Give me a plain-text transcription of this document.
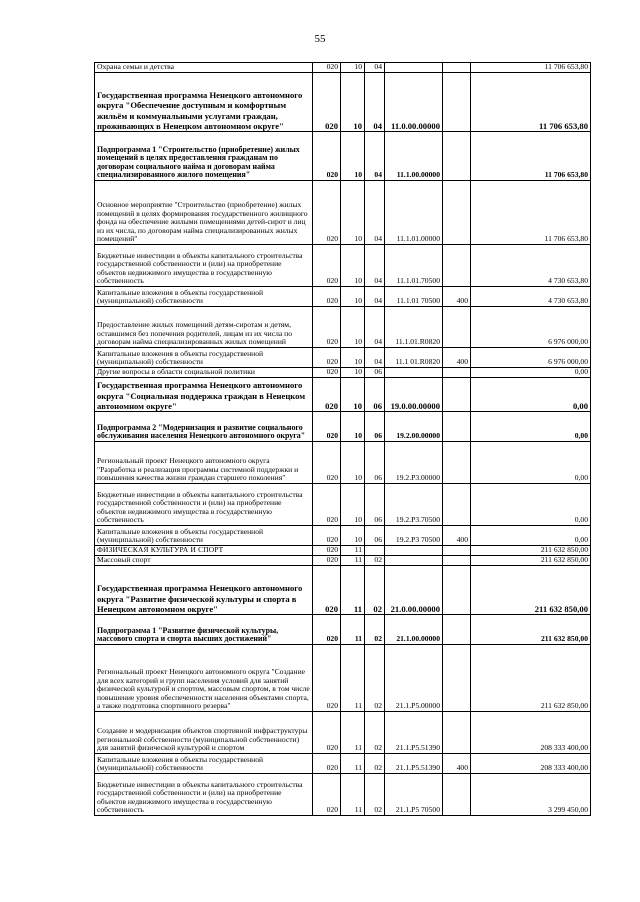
55
Охрана семьи и детства	020	10	04			11 706 653,80
Государственная программа Ненецкого автономного округа "Обеспечение доступным и комфортным жильём и коммунальными услугами граждан, проживающих в Ненецком автономном округе"	020	10	04	11.0.00.00000		11 706 653,80
Подпрограмма 1 "Строительство (приобретение) жилых помещений в целях предоставления гражданам по договорам социального найма и договорам найма специализированного жилого помещения"	020	10	04	11.1.00.00000		11 706 653,80
Основное мероприятие "Строительство (приобретение) жилых помещений в целях формирования государственного жилищного фонда на обеспечение жилыми помещениями детей-сирот и лиц из их числа, по договорам найма специализированных жилых помещений"	020	10	04	11.1.01.00000		11 706 653,80
Бюджетные инвестиции в объекты капитального строительства государственной собственности и (или) на приобретение объектов недвижимого имущества в государственную собственность	020	10	04	11.1.01.70500		4 730 653,80
Капитальные вложения в объекты государственной (муниципальной) собственности	020	10	04	11.1.01 70500	400	4 730 653,80
Предоставление жилых помещений детям-сиротам и детям, оставшимся без попечения родителей, лицам из их числа по договорам найма специализированных жилых помещений	020	10	04	11.1.01.R0820		6 976 000,00
Капитальные вложения в объекты государственной (муниципальной) собственности	020	10	04	11.1 01.R0820	400	6 976 000,00
Другие вопросы в области социальной политики	020	10	06			0,00
Государственная программа Ненецкого автономного округа "Социальная поддержка граждан в Ненецком автономном округе"	020	10	06	19.0.00.00000		0,00
Подпрограмма 2 "Модернизация и развитие социального обслуживания населения Ненецкого автономного округа"	020	10	06	19.2.00.00000		0,00
Региональный проект Ненецкого автономного округа "Разработка и реализация программы системной поддержки и повышения качества жизни граждан старшего поколения"	020	10	06	19.2.P3.00000		0,00
Бюджетные инвестиции в объекты капитального строительства государственной собственности и (или) на приобретение объектов недвижимого имущества в государственную собственность	020	10	06	19.2.P3.70500		0,00
Капитальные вложения в объекты государственной (муниципальной) собственности	020	10	06	19.2.P3 70500	400	0,00
ФИЗИЧЕСКАЯ КУЛЬТУРА И СПОРТ	020	11				211 632 850,00
Массовый спорт	020	11	02			211 632 850,00
Государственная программа Ненецкого автономного округа "Развитие физической культуры и спорта в Ненецком автономном округе"	020	11	02	21.0.00.00000		211 632 850,00
Подпрограмма 1 "Развитие физической культуры, массового спорта и спорта высших достижений"	020	11	02	21.1.00.00000		211 632 850,00
Региональный проект Ненецкого автономного округа "Создание для всех категорий и групп населения условий для занятий физической культурой и спортом, массовым спортом, в том числе повышение уровня обеспеченности населения объектами спорта, а также подготовка спортивного резерва"	020	11	02	21.1.P5.00000		211 632 850,00
Создание и модернизация объектов спортивной инфраструктуры региональной собственности (муниципальной собственности) для занятий физической культурой и спортом	020	11	02	21.1.P5.51390		208 333 400,00
Капитальные вложения в объекты государственной (муниципальной) собственности	020	11	02	21.1.P5.51390	400	208 333 400,00
Бюджетные инвестиции в объекты капитального строительства государственной собственности и (или) на приобретение объектов недвижимого имущества в государственную собственность	020	11	02	21.1.P5 70500		3 299 450,00
